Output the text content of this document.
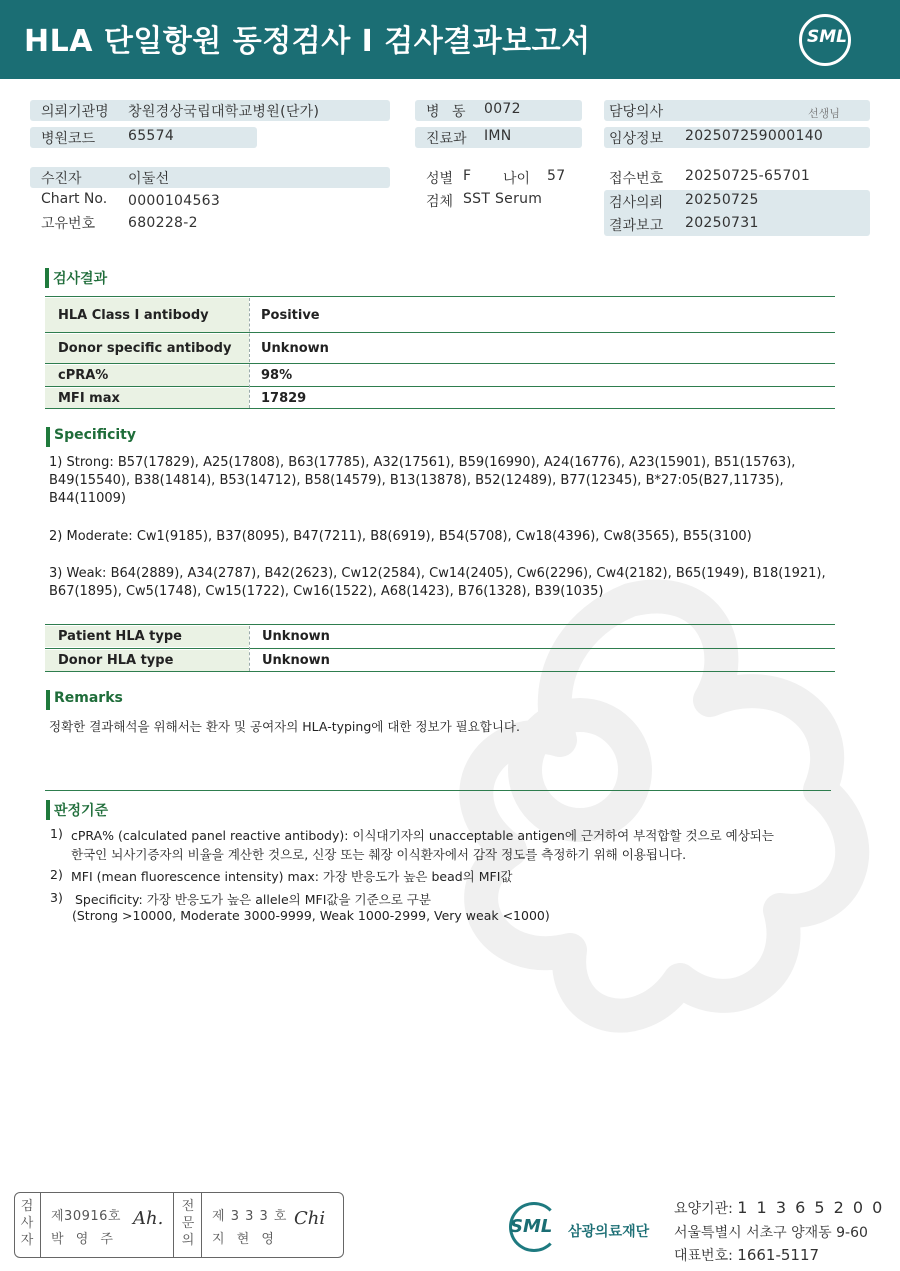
HLA 단일항원 동정검사 I 검사결과보고서	SML
의뢰기관명 창원경상국립대학교병원(단가)
병원코드 65574
수진자	이둘선
Chart No. 0000104563
고유번호 680228-2
병 동 0072
진료과 IMN
성별 F 나이 57
검체 SST Serum
담당의사	선생님
임상정보 202507259000140
접수번호 20250725-65701
검사의뢰 20250725
결과보고 20250731
검사결과
HLA Class I antibody	Positive
Donor specific antibody	Unknown
cPRA%	98%
MFI max	17829
Specificity
1) Strong: B57(17829), A25(17808), B63(17785), A32(17561), B59(16990), A24(16776), A23(15901), B51(15763),
B49(15540), B38(14814), B53(14712), B58(14579), B13(13878), B52(12489), B77(12345), B*27:05(B27,11735),
B44(11009)
2) Moderate: Cw1(9185), B37(8095), B47(7211), B8(6919), B54(5708), Cw18(4396), Cw8(3565), B55(3100)
3) Weak: B64(2889), A34(2787), B42(2623), Cw12(2584), Cw14(2405), Cw6(2296), Cw4(2182), B65(1949), B18(1921),
B67(1895), Cw5(1748), Cw15(1722), Cw16(1522), A68(1423), B76(1328), B39(1035)
Patient HLA type	Unknown
Donor HLA type	Unknown
Remarks
정확한 결과해석을 위해서는 환자 및 공여자의 HLA-typing에 대한 정보가 필요합니다.
판정기준
1) cPRA% (calculated panel reactive antibody): 이식대기자의 unacceptable antigen에 근거하여 부적합할 것으로 예상되는
한국인 뇌사기증자의 비율을 계산한 것으로, 신장 또는 췌장 이식환자에서 감작 정도를 측정하기 위해 이용됩니다.
2) MFI (mean fluorescence intensity) max: 가장 반응도가 높은 bead의 MFI값
3) Specificity: 가장 반응도가 높은 allele의 MFI값을 기준으로 구분
(Strong >10000, Moderate 3000-9999, Weak 1000-2999, Very weak <1000)
검
사
자
제30916호
박 영 주
Ah.
전
문
의
제 3 3 3 호
지 현 영
Chi	SML 삼광의료재단
요양기관: 1 1 3 6 5 2 0 0
서울특별시 서초구 양재동 9-60
대표번호: 1661-5117
